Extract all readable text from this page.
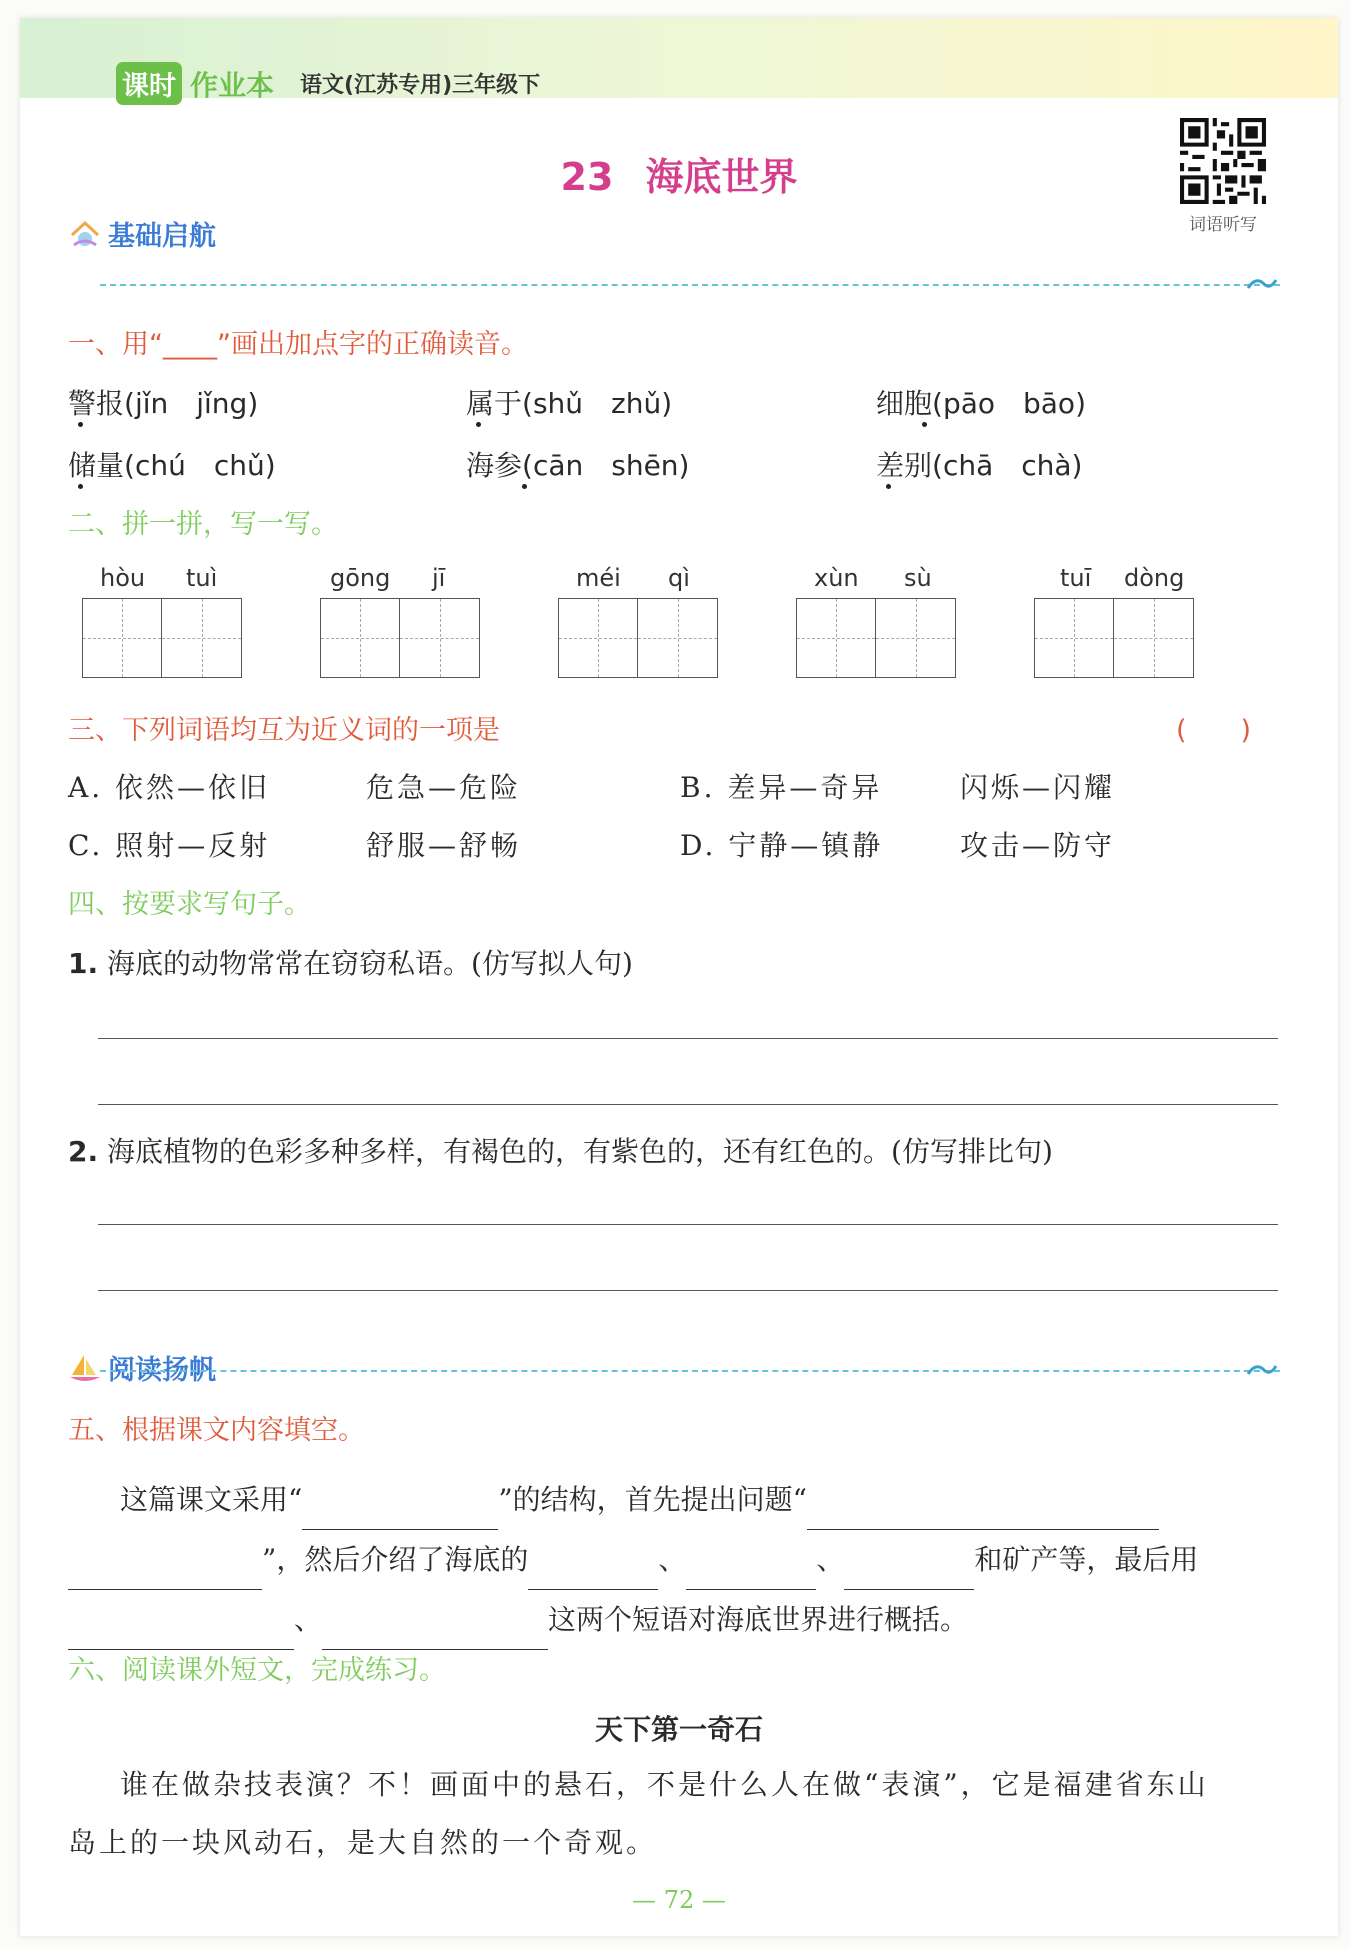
课时 作业本 语文(江苏专用)三年级下
23 海底世界
词语听写
基础启航
一、用“____”画出加点字的正确读音。
警报(jǐn　jǐng)	属于(shǔ　zhǔ)	细胞(pāo　bāo)
储量(chú　chǔ)	海参(cān　shēn)	差别(chā　chà)
二、拼一拼，写一写。
hòu tuì	gōng jī	méi qì	xùn sù	tuī dòng
三、下列词语均互为近义词的一项是	(　　)
A. 依然—依旧	危急—危险	B. 差异—奇异	闪烁—闪耀
C. 照射—反射	舒服—舒畅	D. 宁静—镇静	攻击—防守
四、按要求写句子。
1. 海底的动物常常在窃窃私语。(仿写拟人句)
2. 海底植物的色彩多种多样，有褐色的，有紫色的，还有红色的。(仿写排比句)
阅读扬帆
五、根据课文内容填空。
这篇课文采用“	”的结构，首先提出问题“
”，然后介绍了海底的	、	、	和矿产等，最后用
、	这两个短语对海底世界进行概括。
六、阅读课外短文，完成练习。
天下第一奇石
谁在做杂技表演？不！画面中的悬石，不是什么人在做“表演”，它是福建省东山
岛上的一块风动石，是大自然的一个奇观。
— 72 —
